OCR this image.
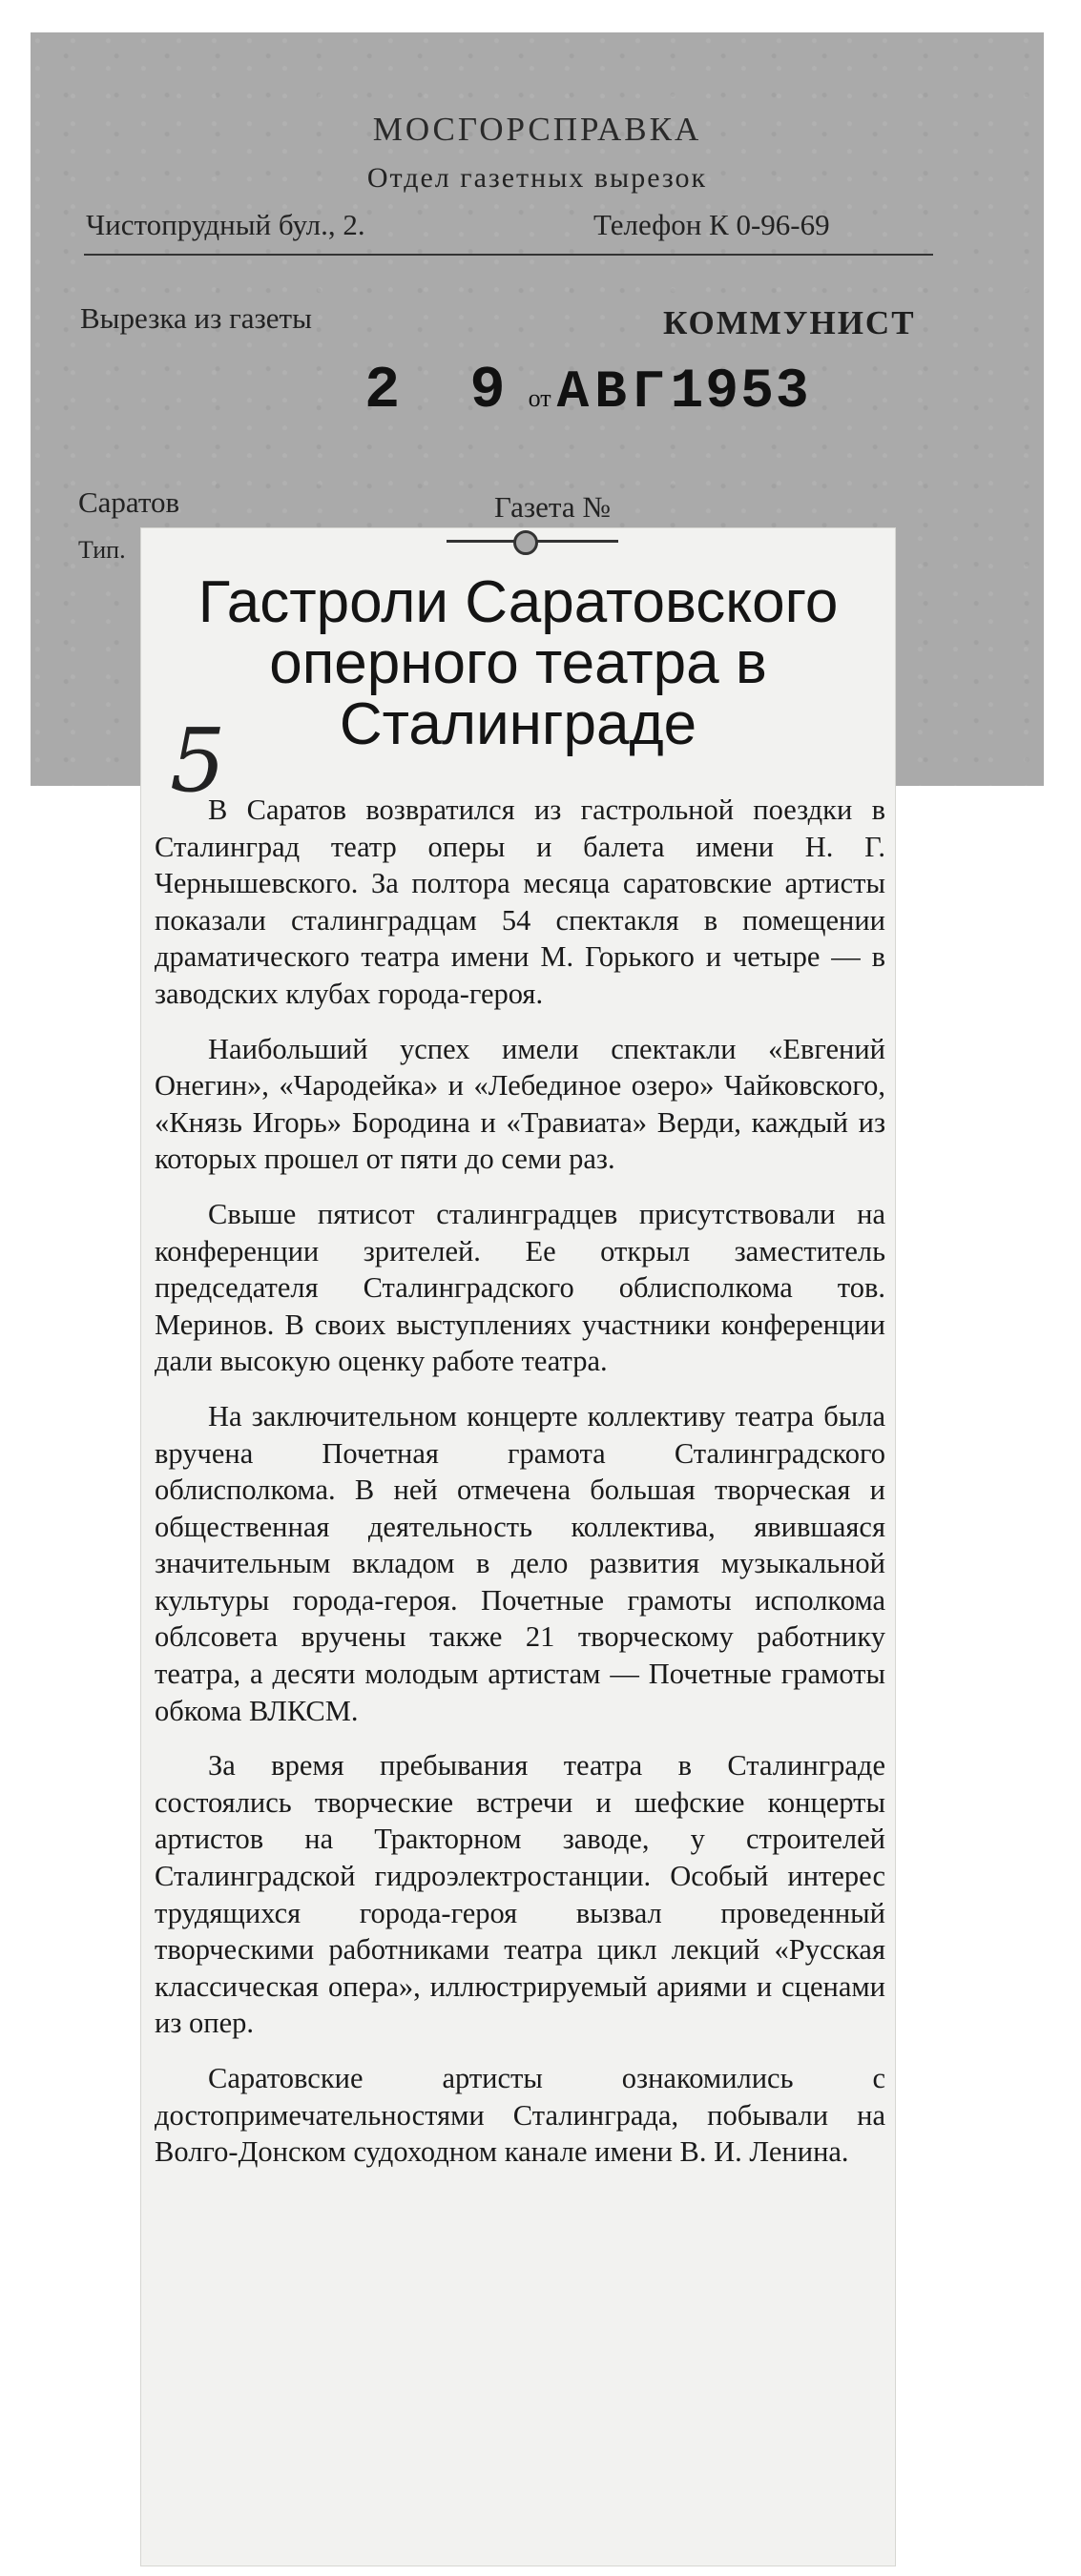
МОСГОРСПРАВКА
Отдел газетных вырезок
Чистопрудный бул., 2.	Телефон К 0-96-69
Вырезка из газеты	КОММУНИСТ
2 9 от АВГ1953
Саратов	Газета №
Тип.
Гастроли Саратовского оперного театра в Сталинграде
5

В Саратов возвратился из гастрольной поездки в Сталинград театр оперы и балета имени Н. Г. Чернышевского. За полтора месяца саратовские артисты показали сталинградцам 54 спектакля в помещении драматического театра имени М. Горького и четыре — в заводских клубах города-героя.

Наибольший успех имели спектакли «Евгений Онегин», «Чародейка» и «Лебединое озеро» Чайковского, «Князь Игорь» Бородина и «Травиата» Верди, каждый из которых прошел от пяти до семи раз.

Свыше пятисот сталинградцев присутствовали на конференции зрителей. Ее открыл заместитель председателя Сталинградского облисполкома тов. Меринов. В своих выступлениях участники конференции дали высокую оценку работе театра.

На заключительном концерте коллективу театра была вручена Почетная грамота Сталинградского облисполкома. В ней отмечена большая творческая и общественная деятельность коллектива, явившаяся значительным вкладом в дело развития музыкальной культуры города-героя. Почетные грамоты исполкома облсовета вручены также 21 творческому работнику театра, а десяти молодым артистам — Почетные грамоты обкома ВЛКСМ.

За время пребывания театра в Сталинграде состоялись творческие встречи и шефские концерты артистов на Тракторном заводе, у строителей Сталинградской гидроэлектростанции. Особый интерес трудящихся города-героя вызвал проведенный творческими работниками театра цикл лекций «Русская классическая опера», иллюстрируемый ариями и сценами из опер.

Саратовские артисты ознакомились с достопримечательностями Сталинграда, побывали на Волго-Донском судоходном канале имени В. И. Ленина.
